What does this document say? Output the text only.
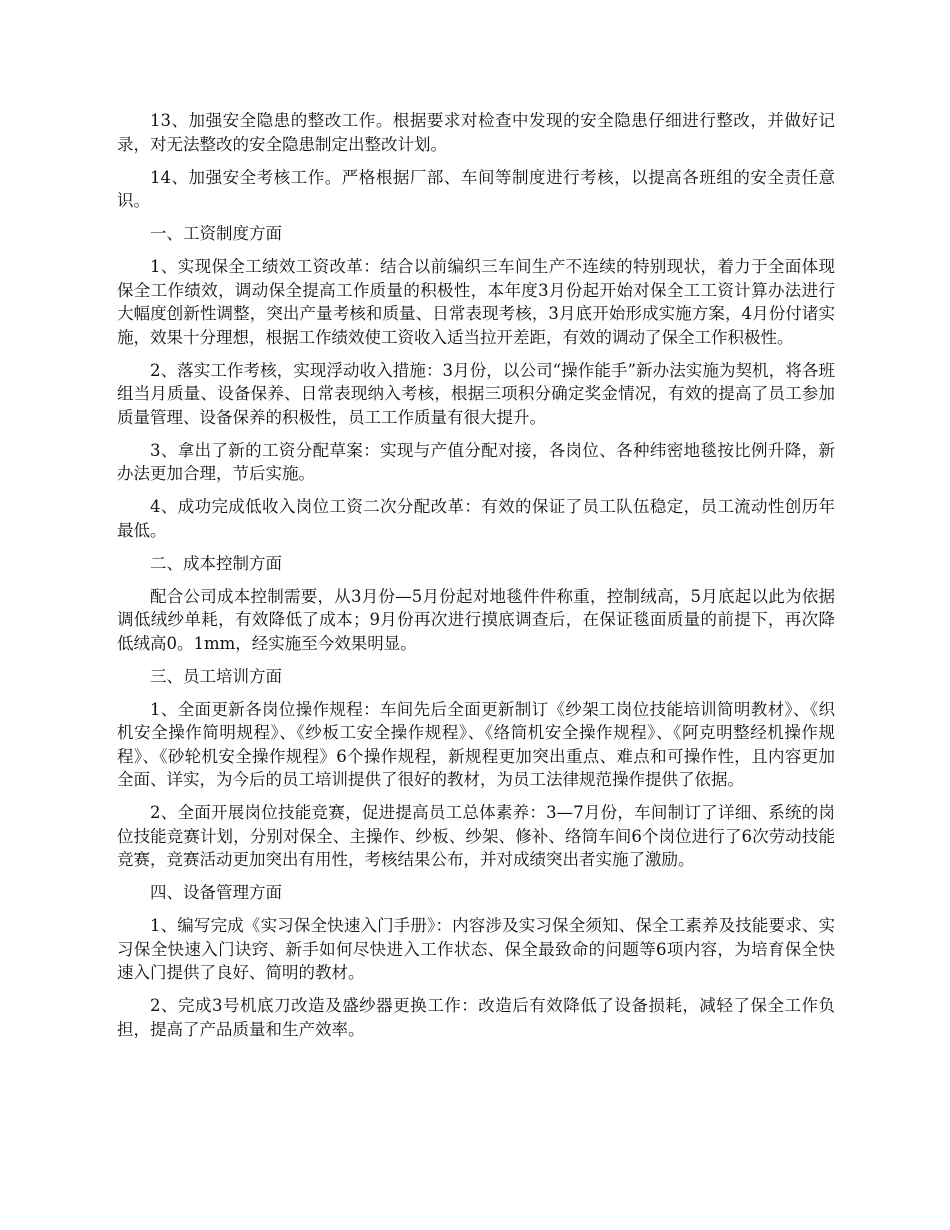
13、加强安全隐患的整改工作。根据要求对检查中发现的安全隐患仔细进行整改，并做好记录，对无法整改的安全隐患制定出整改计划。

14、加强安全考核工作。严格根据厂部、车间等制度进行考核，以提高各班组的安全责任意识。

一、工资制度方面

1、实现保全工绩效工资改革：结合以前编织三车间生产不连续的特别现状，着力于全面体现保全工作绩效，调动保全提高工作质量的积极性，本年度3月份起开始对保全工工资计算办法进行大幅度创新性调整，突出产量考核和质量、日常表现考核，3月底开始形成实施方案，4月份付诸实施，效果十分理想，根据工作绩效使工资收入适当拉开差距，有效的调动了保全工作积极性。

2、落实工作考核，实现浮动收入措施：3月份，以公司“操作能手”新办法实施为契机，将各班组当月质量、设备保养、日常表现纳入考核，根据三项积分确定奖金情况，有效的提高了员工参加质量管理、设备保养的积极性，员工工作质量有很大提升。

3、拿出了新的工资分配草案：实现与产值分配对接，各岗位、各种纬密地毯按比例升降，新办法更加合理，节后实施。

4、成功完成低收入岗位工资二次分配改革：有效的保证了员工队伍稳定，员工流动性创历年最低。

二、成本控制方面

配合公司成本控制需要，从3月份—5月份起对地毯件件称重，控制绒高，5月底起以此为依据调低绒纱单耗，有效降低了成本；9月份再次进行摸底调查后，在保证毯面质量的前提下，再次降低绒高0。1mm，经实施至今效果明显。

三、员工培训方面

1、全面更新各岗位操作规程：车间先后全面更新制订《纱架工岗位技能培训简明教材》、《织机安全操作简明规程》、《纱板工安全操作规程》、《络筒机安全操作规程》、《阿克明整经机操作规程》、《砂轮机安全操作规程》6个操作规程，新规程更加突出重点、难点和可操作性，且内容更加全面、详实，为今后的员工培训提供了很好的教材，为员工法律规范操作提供了依据。

2、全面开展岗位技能竞赛，促进提高员工总体素养：3—7月份，车间制订了详细、系统的岗位技能竞赛计划，分别对保全、主操作、纱板、纱架、修补、络筒车间6个岗位进行了6次劳动技能竞赛，竞赛活动更加突出有用性，考核结果公布，并对成绩突出者实施了激励。

四、设备管理方面

1、编写完成《实习保全快速入门手册》：内容涉及实习保全须知、保全工素养及技能要求、实习保全快速入门诀窍、新手如何尽快进入工作状态、保全最致命的问题等6项内容，为培育保全快速入门提供了良好、简明的教材。

2、完成3号机底刀改造及盛纱器更换工作：改造后有效降低了设备损耗，减轻了保全工作负担，提高了产品质量和生产效率。
